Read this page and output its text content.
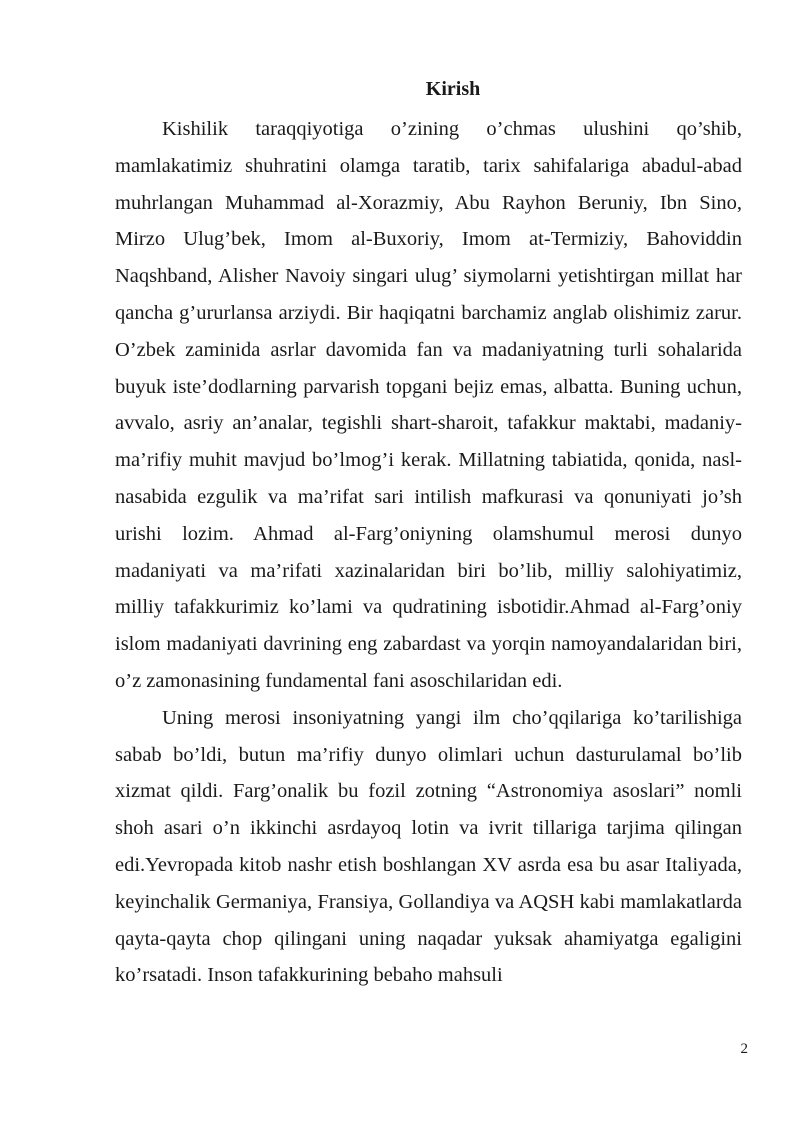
Kirish

Kishilik taraqqiyotiga o’zining o’chmas ulushini qo’shib, mamlakatimiz shuhratini olamga taratib, tarix sahifalariga abadul-abad muhrlangan Muhammad al-Xorazmiy, Abu Rayhon Beruniy, Ibn Sino, Mirzo Ulug’bek, Imom al-Buxoriy, Imom at-Termiziy, Bahoviddin Naqshband, Alisher Navoiy singari ulug’ siymolarni yetishtirgan millat har qancha g’ururlansa arziydi. Bir haqiqatni barchamiz anglab olishimiz zarur. O’zbek zaminida asrlar davomida fan va madaniyatning turli sohalarida buyuk iste’dodlarning parvarish topgani bejiz emas, albatta. Buning uchun, avvalo, asriy an’analar, tegishli shart-sharoit, tafakkur maktabi, madaniy-ma’rifiy muhit mavjud bo’lmog’i kerak. Millatning tabiatida, qonida, nasl-nasabida ezgulik va ma’rifat sari intilish mafkurasi va qonuniyati jo’sh urishi lozim. Ahmad al-Farg’oniyning olamshumul merosi dunyo madaniyati va ma’rifati xazinalaridan biri bo’lib, milliy salohiyatimiz, milliy tafakkurimiz ko’lami va qudratining isbotidir.Ahmad al-Farg’oniy islom madaniyati davrining eng zabardast va yorqin namoyandalaridan biri, o’z zamonasining fundamental fani asoschilaridan edi.

Uning merosi insoniyatning yangi ilm cho’qqilariga ko’tarilishiga sabab bo’ldi, butun ma’rifiy dunyo olimlari uchun dasturulamal bo’lib xizmat qildi. Farg’onalik bu fozil zotning “Astronomiya asoslari” nomli shoh asari o’n ikkinchi asrdayoq lotin va ivrit tillariga tarjima qilingan edi.Yevropada kitob nashr etish boshlangan XV asrda esa bu asar Italiyada, keyinchalik Germaniya, Fransiya, Gollandiya va AQSH kabi mamlakatlarda qayta-qayta chop qilingani uning naqadar yuksak ahamiyatga egaligini ko’rsatadi. Inson tafakkurining bebaho mahsuli

2
